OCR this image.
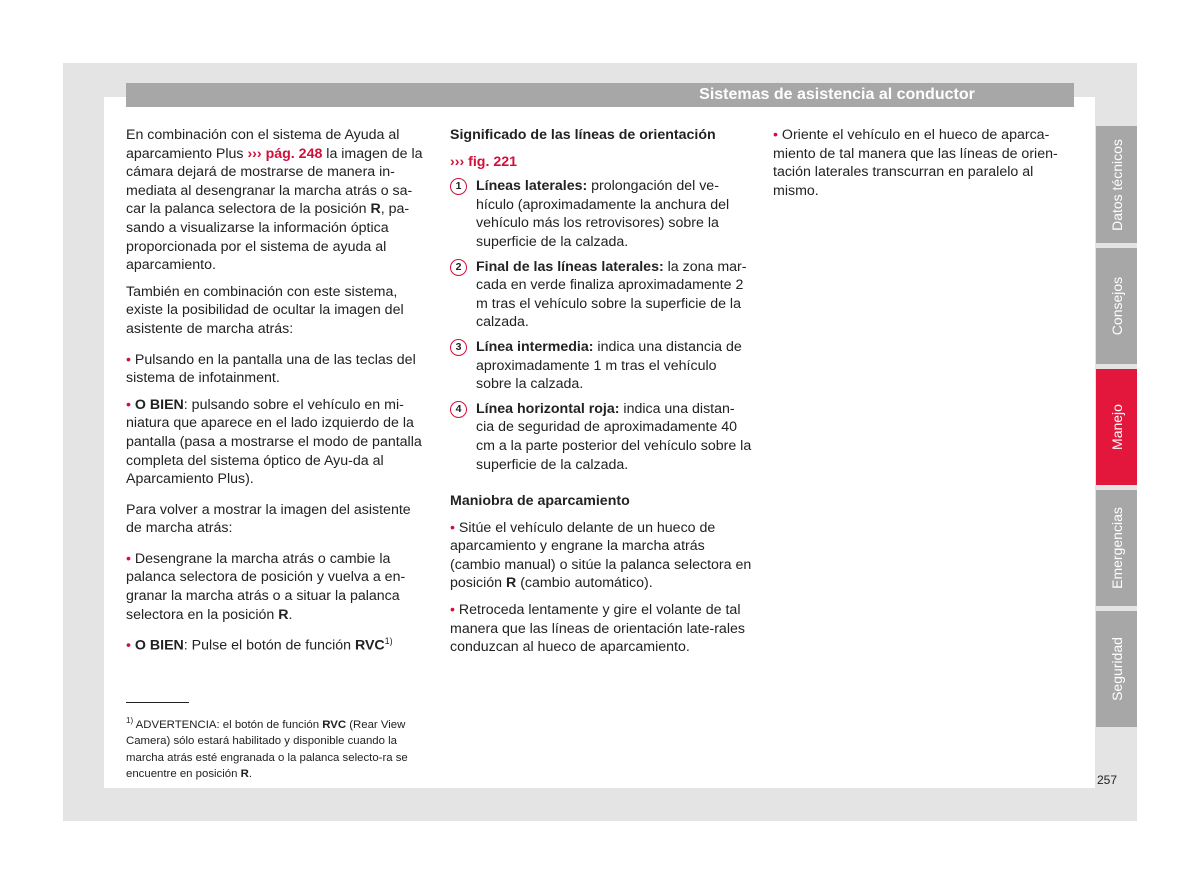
Sistemas de asistencia al conductor

En combinación con el sistema de Ayuda al aparcamiento Plus ››› pág. 248 la imagen de la cámara dejará de mostrarse de manera in-mediata al desengranar la marcha atrás o sa-car la palanca selectora de la posición R, pa-sando a visualizarse la información óptica proporcionada por el sistema de ayuda al aparcamiento.

También en combinación con este sistema, existe la posibilidad de ocultar la imagen del asistente de marcha atrás:

• Pulsando en la pantalla una de las teclas del sistema de infotainment.

• O BIEN: pulsando sobre el vehículo en mi-niatura que aparece en el lado izquierdo de la pantalla (pasa a mostrarse el modo de pantalla completa del sistema óptico de Ayu-da al Aparcamiento Plus).

Para volver a mostrar la imagen del asistente de marcha atrás:

• Desengrane la marcha atrás o cambie la palanca selectora de posición y vuelva a en-granar la marcha atrás o a situar la palanca selectora en la posición R.

• O BIEN: Pulse el botón de función RVC$^{1)}$

Significado de las líneas de orientación

››› fig. 221

1	Líneas laterales: prolongación del ve-hículo (aproximadamente la anchura del vehículo más los retrovisores) sobre la superficie de la calzada.
2	Final de las líneas laterales: la zona mar-cada en verde finaliza aproximadamente 2 m tras el vehículo sobre la superficie de la calzada.
3	Línea intermedia: indica una distancia de aproximadamente 1 m tras el vehículo sobre la calzada.
4	Línea horizontal roja: indica una distan-cia de seguridad de aproximadamente 40 cm a la parte posterior del vehículo sobre la superficie de la calzada.

Maniobra de aparcamiento

• Sitúe el vehículo delante de un hueco de aparcamiento y engrane la marcha atrás (cambio manual) o sitúe la palanca selectora en posición R (cambio automático).

• Retroceda lentamente y gire el volante de tal manera que las líneas de orientación late-rales conduzcan al hueco de aparcamiento.

• Oriente el vehículo en el hueco de aparca-miento de tal manera que las líneas de orien-tación laterales transcurran en paralelo al mismo.

$^{1)}$ ADVERTENCIA: el botón de función RVC (Rear View Camera) sólo estará habilitado y disponible cuando la marcha atrás esté engranada o la palanca selecto-ra se encuentre en posición R.
Datos técnicos
Consejos
Manejo
Emergencias
Seguridad
257
